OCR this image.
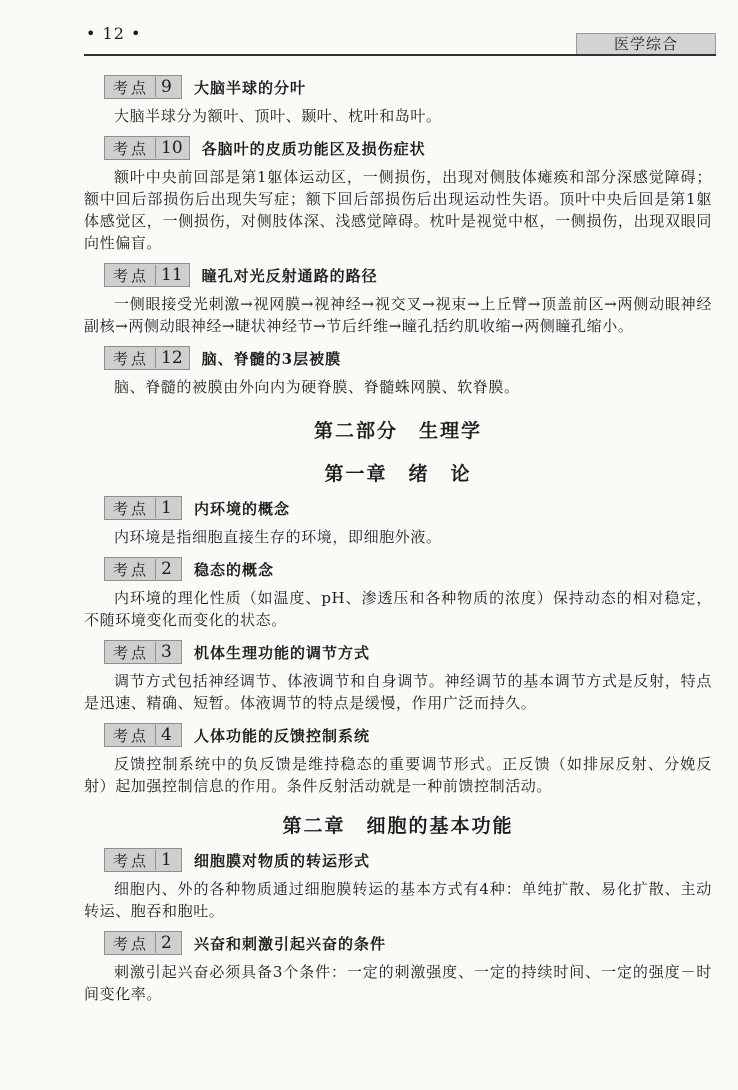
• 12 •
医学综合
考点 9 大脑半球的分叶

大脑半球分为额叶、顶叶、颞叶、枕叶和岛叶。

考点 10 各脑叶的皮质功能区及损伤症状

额叶中央前回部是第1躯体运动区，一侧损伤，出现对侧肢体瘫痪和部分深感觉障碍；额中回后部损伤后出现失写症；额下回后部损伤后出现运动性失语。顶叶中央后回是第1躯体感觉区，一侧损伤，对侧肢体深、浅感觉障碍。枕叶是视觉中枢，一侧损伤，出现双眼同向性偏盲。

考点 11 瞳孔对光反射通路的路径

一侧眼接受光刺激→视网膜→视神经→视交叉→视束→上丘臂→顶盖前区→两侧动眼神经副核→两侧动眼神经→睫状神经节→节后纤维→瞳孔括约肌收缩→两侧瞳孔缩小。

考点 12 脑、脊髓的3层被膜

脑、脊髓的被膜由外向内为硬脊膜、脊髓蛛网膜、软脊膜。

第二部分　生理学
第一章　绪　论
考点 1 内环境的概念

内环境是指细胞直接生存的环境，即细胞外液。

考点 2 稳态的概念

内环境的理化性质（如温度、pH、渗透压和各种物质的浓度）保持动态的相对稳定，不随环境变化而变化的状态。

考点 3 机体生理功能的调节方式

调节方式包括神经调节、体液调节和自身调节。神经调节的基本调节方式是反射，特点是迅速、精确、短暂。体液调节的特点是缓慢，作用广泛而持久。

考点 4 人体功能的反馈控制系统

反馈控制系统中的负反馈是维持稳态的重要调节形式。正反馈（如排尿反射、分娩反射）起加强控制信息的作用。条件反射活动就是一种前馈控制活动。

第二章　细胞的基本功能
考点 1 细胞膜对物质的转运形式

细胞内、外的各种物质通过细胞膜转运的基本方式有4种：单纯扩散、易化扩散、主动转运、胞吞和胞吐。

考点 2 兴奋和刺激引起兴奋的条件

刺激引起兴奋必须具备3个条件：一定的刺激强度、一定的持续时间、一定的强度－时间变化率。
